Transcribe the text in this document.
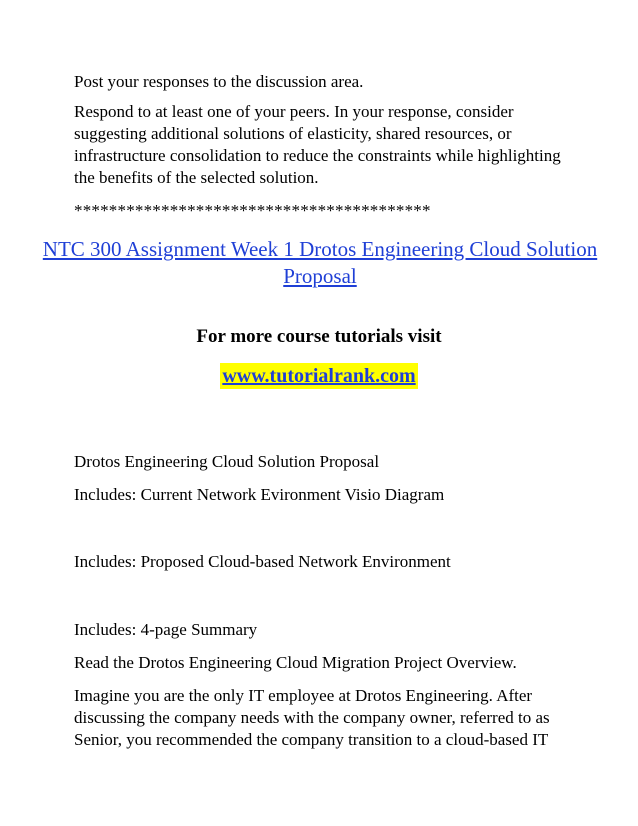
Post your responses to the discussion area.

Respond to at least one of your peers. In your response, consider suggesting additional solutions of elasticity, shared resources, or infrastructure consolidation to reduce the constraints while highlighting the benefits of the selected solution.

*****************************************

NTC 300 Assignment Week 1 Drotos Engineering Cloud Solution Proposal

For more course tutorials visit

www.tutorialrank.com

Drotos Engineering Cloud Solution Proposal

Includes: Current Network Evironment Visio Diagram

Includes: Proposed Cloud-based Network Environment

Includes: 4-page Summary

Read the Drotos Engineering Cloud Migration Project Overview.

Imagine you are the only IT employee at Drotos Engineering. After discussing the company needs with the company owner, referred to as Senior, you recommended the company transition to a cloud-based IT
